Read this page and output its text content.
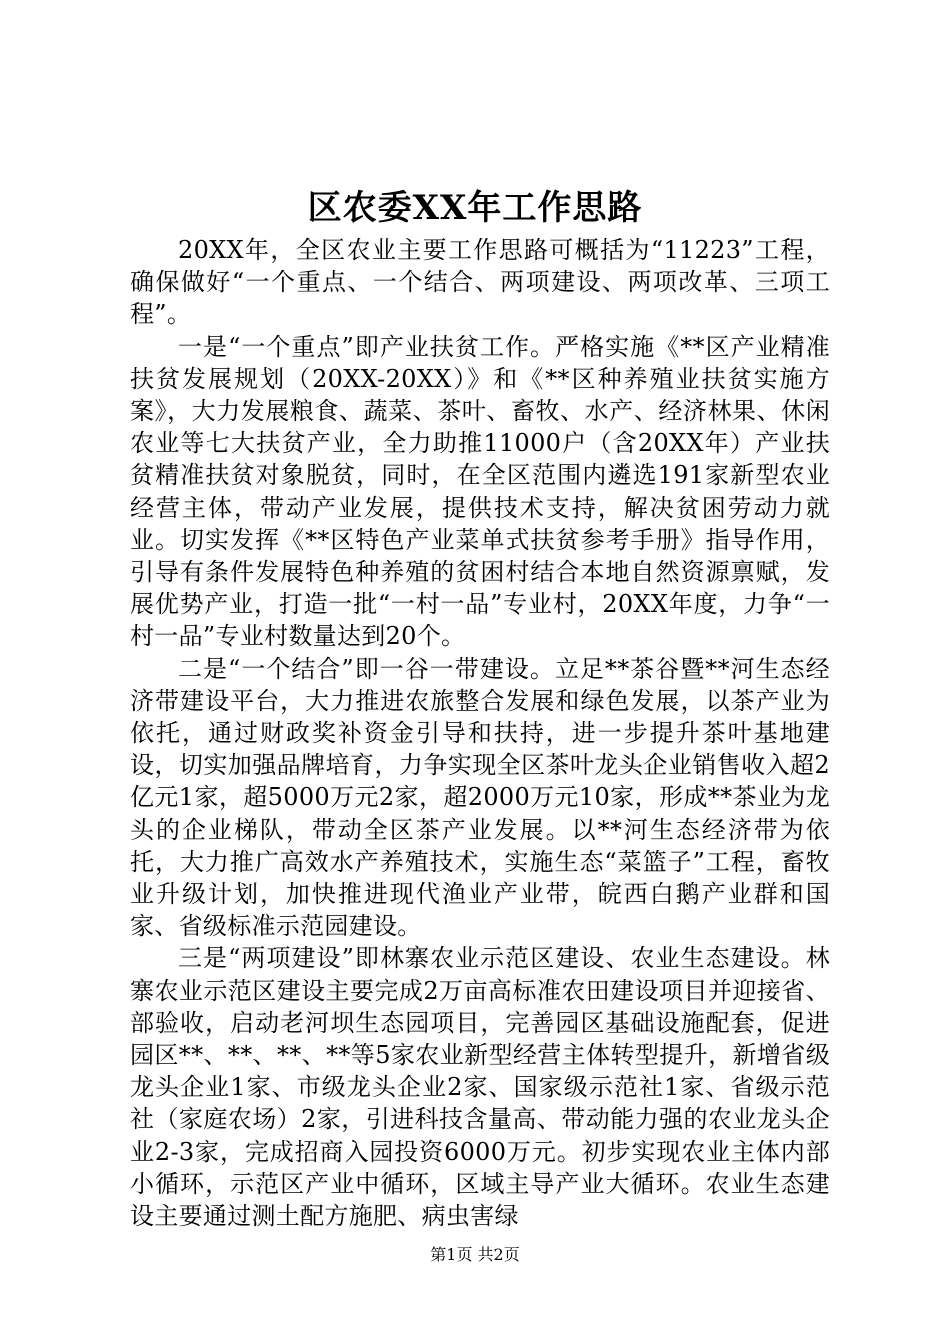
区农委XX年工作思路

20XX年，全区农业主要工作思路可概括为“11223”工程，确保做好“一个重点、一个结合、两项建设、两项改革、三项工程”。

一是“一个重点”即产业扶贫工作。严格实施《**区产业精准扶贫发展规划（20XX-20XX）》和《**区种养殖业扶贫实施方案》，大力发展粮食、蔬菜、茶叶、畜牧、水产、经济林果、休闲农业等七大扶贫产业，全力助推11000户（含20XX年）产业扶贫精准扶贫对象脱贫，同时，在全区范围内遴选191家新型农业经营主体，带动产业发展，提供技术支持，解决贫困劳动力就业。切实发挥《**区特色产业菜单式扶贫参考手册》指导作用，引导有条件发展特色种养殖的贫困村结合本地自然资源禀赋，发展优势产业，打造一批“一村一品”专业村，20XX年度，力争“一村一品”专业村数量达到20个。

二是“一个结合”即一谷一带建设。立足**茶谷暨**河生态经济带建设平台，大力推进农旅整合发展和绿色发展，以茶产业为依托，通过财政奖补资金引导和扶持，进一步提升茶叶基地建设，切实加强品牌培育，力争实现全区茶叶龙头企业销售收入超2亿元1家，超5000万元2家，超2000万元10家，形成**茶业为龙头的企业梯队，带动全区茶产业发展。以**河生态经济带为依托，大力推广高效水产养殖技术，实施生态“菜篮子”工程，畜牧业升级计划，加快推进现代渔业产业带，皖西白鹅产业群和国家、省级标准示范园建设。

三是“两项建设”即林寨农业示范区建设、农业生态建设。林寨农业示范区建设主要完成2万亩高标准农田建设项目并迎接省、部验收，启动老河坝生态园项目，完善园区基础设施配套，促进园区**、**、**、**等5家农业新型经营主体转型提升，新增省级龙头企业1家、市级龙头企业2家、国家级示范社1家、省级示范社（家庭农场）2家，引进科技含量高、带动能力强的农业龙头企业2-3家，完成招商入园投资6000万元。初步实现农业主体内部小循环，示范区产业中循环，区域主导产业大循环。农业生态建设主要通过测土配方施肥、病虫害绿

第1页 共2页
